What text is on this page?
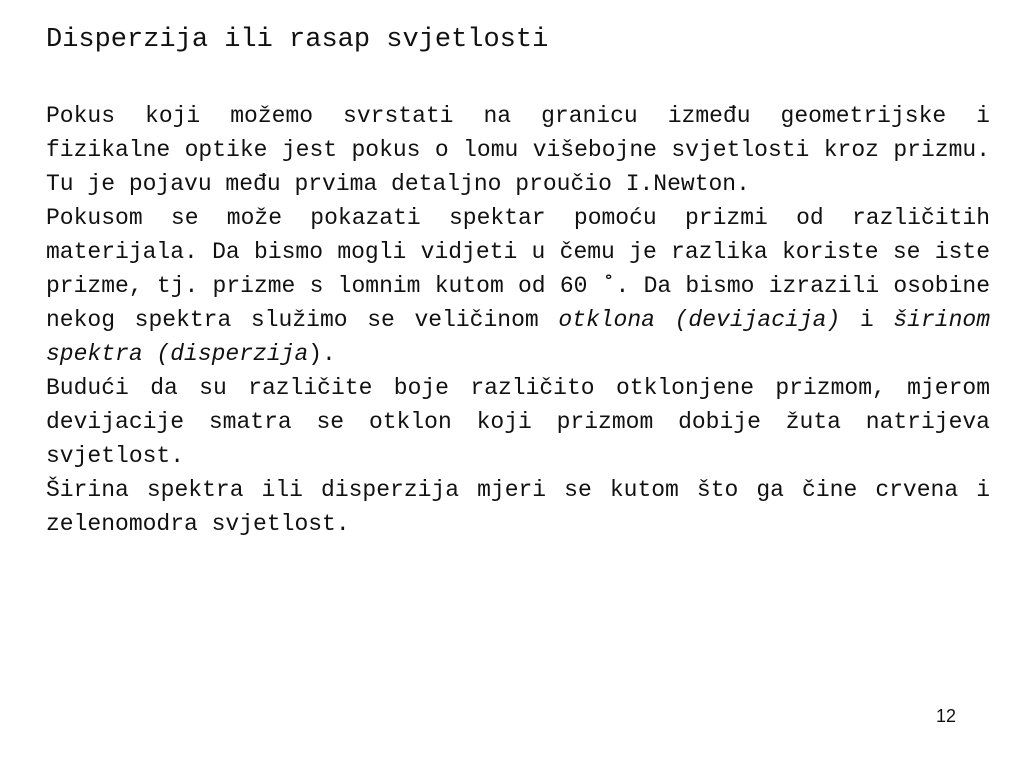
Disperzija ili rasap svjetlosti

Pokus koji možemo svrstati na granicu između geometrijske i fizikalne optike jest pokus o lomu višebojne svjetlosti kroz prizmu. Tu je pojavu među prvima detaljno proučio I.Newton.

Pokusom se može pokazati spektar pomoću prizmi od različitih materijala. Da bismo mogli vidjeti u čemu je razlika koriste se iste prizme, tj. prizme s lomnim kutom od 60 ˚. Da bismo izrazili osobine nekog spektra služimo se veličinom otklona (devijacija) i širinom spektra (disperzija).

Budući da su različite boje različito otklonjene prizmom, mjerom devijacije smatra se otklon koji prizmom dobije žuta natrijeva svjetlost.

Širina spektra ili disperzija mjeri se kutom što ga čine crvena i zelenomodra svjetlost.

12
